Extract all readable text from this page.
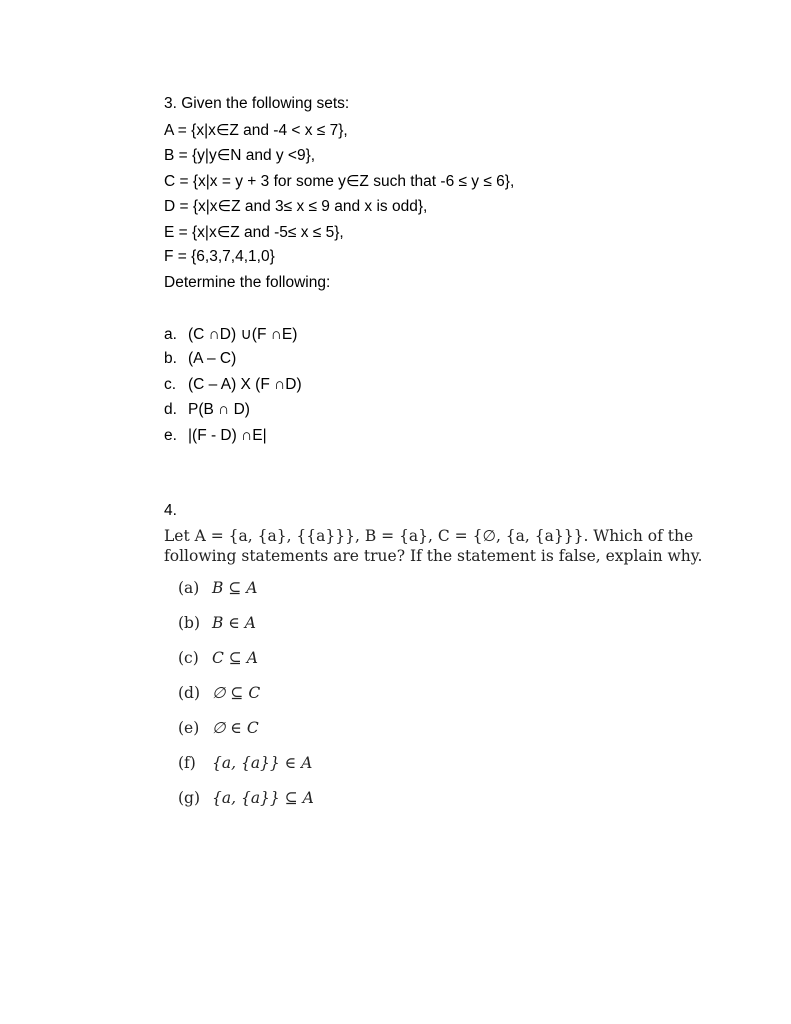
3. Given the following sets:
A = {x|x∈Z and -4 < x ≤ 7},
B = {y|y∈N and y <9},
C = {x|x = y + 3 for some y∈Z such that -6 ≤ y ≤ 6},
D = {x|x∈Z and 3≤ x ≤ 9 and x is odd},
E = {x|x∈Z and -5≤ x ≤ 5},
F = {6,3,7,4,1,0}
Determine the following:
a. (C ∩D) ∪(F ∩E)
b. (A – C)
c. (C – A) X (F ∩D)
d. P(B ∩ D)
e. |(F - D) ∩E|
4.
Let A = {a, {a}, {{a}}}, B = {a}, C = {∅, {a, {a}}}. Which of the following statements are true? If the statement is false, explain why.
(a) B ⊆ A
(b) B ∈ A
(c) C ⊆ A
(d) ∅ ⊆ C
(e) ∅ ∈ C
(f) {a, {a}} ∈ A
(g) {a, {a}} ⊆ A
